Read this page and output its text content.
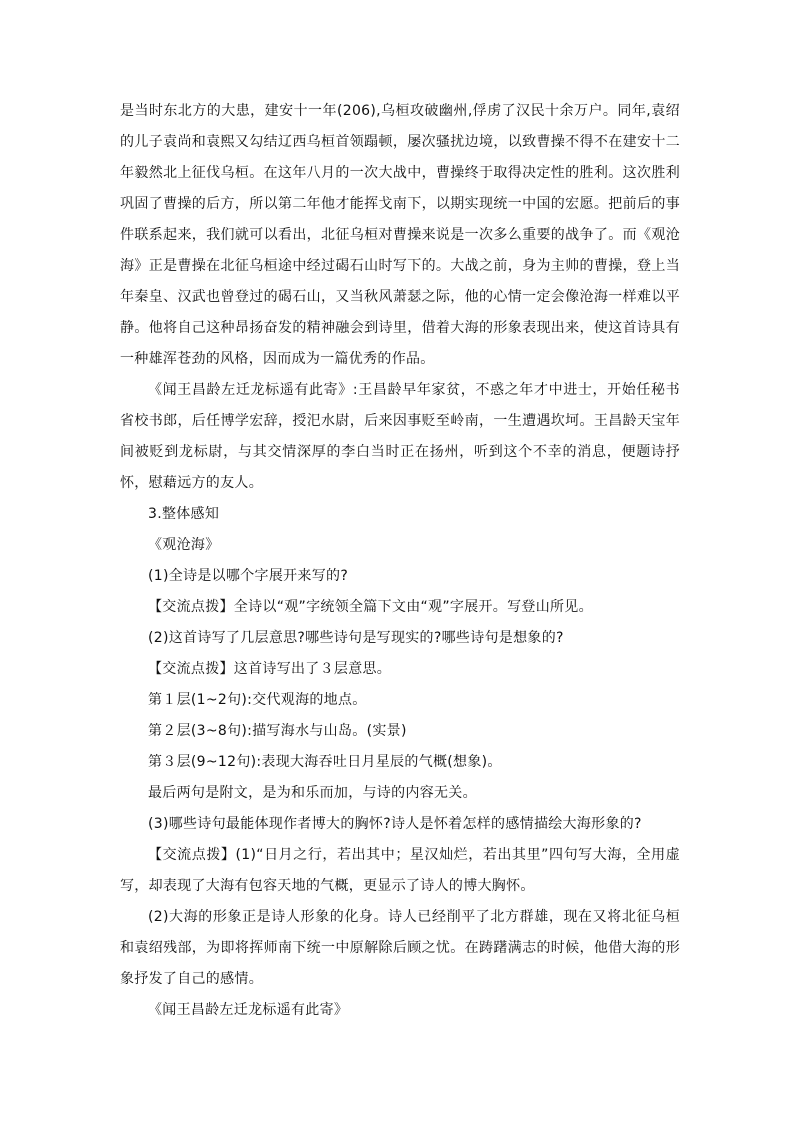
是当时东北方的大患，建安十一年(206),乌桓攻破幽州,俘虏了汉民十余万户。同年,袁绍的儿子袁尚和袁熙又勾结辽西乌桓首领蹋顿，屡次骚扰边境，以致曹操不得不在建安十二年毅然北上征伐乌桓。在这年八月的一次大战中，曹操终于取得决定性的胜利。这次胜利巩固了曹操的后方，所以第二年他才能挥戈南下，以期实现统一中国的宏愿。把前后的事件联系起来，我们就可以看出，北征乌桓对曹操来说是一次多么重要的战争了。而《观沧海》正是曹操在北征乌桓途中经过碣石山时写下的。大战之前，身为主帅的曹操，登上当年秦皇、汉武也曾登过的碣石山，又当秋风萧瑟之际，他的心情一定会像沧海一样难以平静。他将自己这种昂扬奋发的精神融会到诗里，借着大海的形象表现出来，使这首诗具有一种雄浑苍劲的风格，因而成为一篇优秀的作品。

《闻王昌龄左迁龙标遥有此寄》:王昌龄早年家贫，不惑之年才中进士，开始任秘书省校书郎，后任博学宏辞，授汜水尉，后来因事贬至岭南，一生遭遇坎坷。王昌龄天宝年间被贬到龙标尉，与其交情深厚的李白当时正在扬州，听到这个不幸的消息，便题诗抒怀，慰藉远方的友人。

3.整体感知

《观沧海》

(1)全诗是以哪个字展开来写的?

【交流点拨】全诗以“观”字统领全篇下文由“观”字展开。写登山所见。

(2)这首诗写了几层意思?哪些诗句是写现实的?哪些诗句是想象的?

【交流点拨】这首诗写出了３层意思。

第１层(1~2句):交代观海的地点。

第２层(3~8句):描写海水与山岛。(实景)

第３层(9~12句):表现大海吞吐日月星辰的气概(想象)。

最后两句是附文，是为和乐而加，与诗的内容无关。

(3)哪些诗句最能体现作者博大的胸怀?诗人是怀着怎样的感情描绘大海形象的?

【交流点拨】(1)“日月之行，若出其中；星汉灿烂，若出其里”四句写大海，全用虚写，却表现了大海有包容天地的气概，更显示了诗人的博大胸怀。

(2)大海的形象正是诗人形象的化身。诗人已经削平了北方群雄，现在又将北征乌桓和袁绍残部，为即将挥师南下统一中原解除后顾之忧。在踌躇满志的时候，他借大海的形象抒发了自己的感情。

《闻王昌龄左迁龙标遥有此寄》
